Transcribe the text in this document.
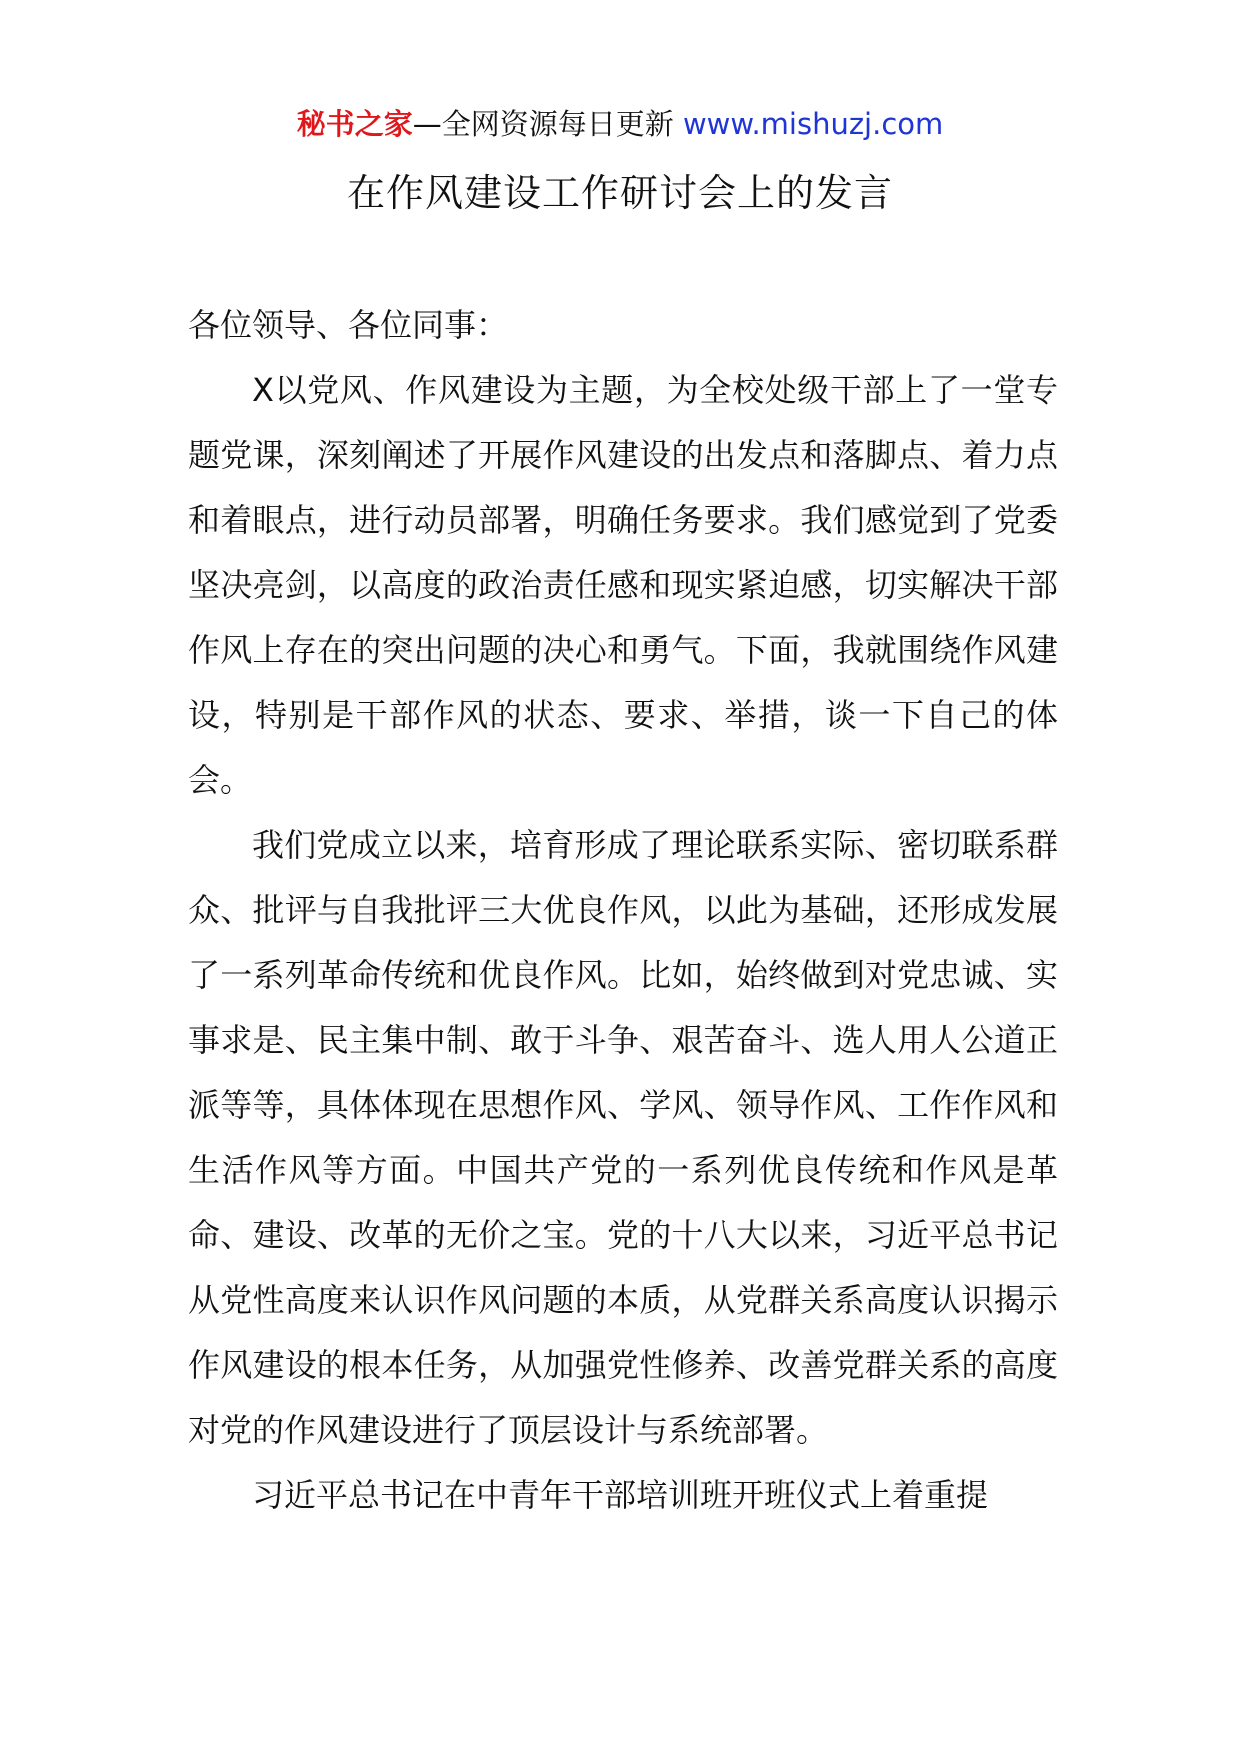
秘书之家—全网资源每日更新 www.mishuzj.com
在作风建设工作研讨会上的发言

各位领导、各位同事：

X以党风、作风建设为主题，为全校处级干部上了一堂专题党课，深刻阐述了开展作风建设的出发点和落脚点、着力点和着眼点，进行动员部署，明确任务要求。我们感觉到了党委坚决亮剑，以高度的政治责任感和现实紧迫感，切实解决干部作风上存在的突出问题的决心和勇气。下面，我就围绕作风建设，特别是干部作风的状态、要求、举措，谈一下自己的体会。

我们党成立以来，培育形成了理论联系实际、密切联系群众、批评与自我批评三大优良作风，以此为基础，还形成发展了一系列革命传统和优良作风。比如，始终做到对党忠诚、实事求是、民主集中制、敢于斗争、艰苦奋斗、选人用人公道正派等等，具体体现在思想作风、学风、领导作风、工作作风和生活作风等方面。中国共产党的一系列优良传统和作风是革命、建设、改革的无价之宝。党的十八大以来，习近平总书记从党性高度来认识作风问题的本质，从党群关系高度认识揭示作风建设的根本任务，从加强党性修养、改善党群关系的高度对党的作风建设进行了顶层设计与系统部署。

习近平总书记在中青年干部培训班开班仪式上着重提
